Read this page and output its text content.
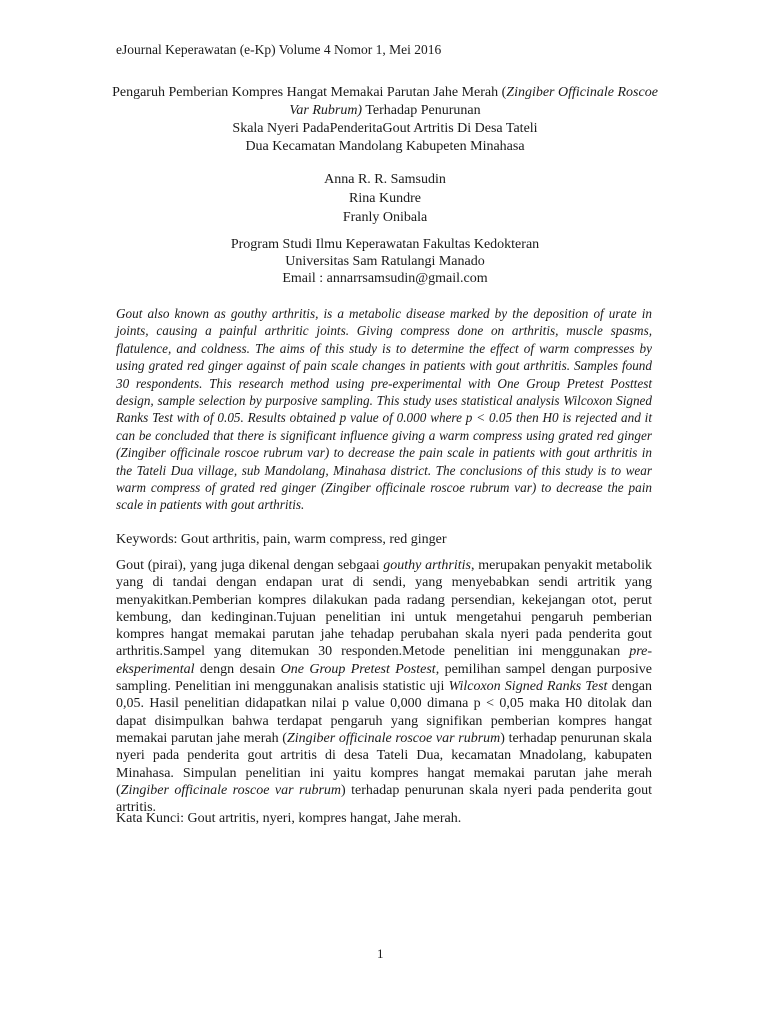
eJournal Keperawatan (e-Kp) Volume 4 Nomor 1, Mei 2016
Pengaruh Pemberian Kompres Hangat Memakai Parutan Jahe Merah (Zingiber Officinale Roscoe Var Rubrum) Terhadap Penurunan
Skala Nyeri PadaPenderitaGout Artritis Di Desa Tateli
Dua Kecamatan Mandolang Kabupeten Minahasa
Anna R. R. Samsudin
Rina Kundre
Franly Onibala
Program Studi Ilmu Keperawatan Fakultas Kedokteran
Universitas Sam Ratulangi Manado
Email : annarrsamsudin@gmail.com

Gout also known as gouthy arthritis, is a metabolic disease marked by the deposition of urate in joints, causing a painful arthritic joints. Giving compress done on arthritis, muscle spasms, flatulence, and coldness. The aims of this study is to determine the effect of warm compresses by using grated red ginger against of pain scale changes in patients with gout arthritis. Samples found 30 respondents. This research method using pre-experimental with One Group Pretest Posttest design, sample selection by purposive sampling. This study uses statistical analysis Wilcoxon Signed Ranks Test with of 0.05. Results obtained p value of 0.000 where p < 0.05 then H0 is rejected and it can be concluded that there is significant influence giving a warm compress using grated red ginger (Zingiber officinale roscoe rubrum var) to decrease the pain scale in patients with gout arthritis in the Tateli Dua village, sub Mandolang, Minahasa district. The conclusions of this study is to wear warm compress of grated red ginger (Zingiber officinale roscoe rubrum var) to decrease the pain scale in patients with gout arthritis.

Keywords: Gout arthritis, pain, warm compress, red ginger

Gout (pirai), yang juga dikenal dengan sebgaai gouthy arthritis, merupakan penyakit metabolik yang di tandai dengan endapan urat di sendi, yang menyebabkan sendi artritik yang menyakitkan.Pemberian kompres dilakukan pada radang persendian, kekejangan otot, perut kembung, dan kedinginan.Tujuan penelitian ini untuk mengetahui pengaruh pemberian kompres hangat memakai parutan jahe tehadap perubahan skala nyeri pada penderita gout arthritis.Sampel yang ditemukan 30 responden.Metode penelitian ini menggunakan pre-eksperimental dengn desain One Group Pretest Postest, pemilihan sampel dengan purposive sampling. Penelitian ini menggunakan analisis statistic uji Wilcoxon Signed Ranks Test dengan 0,05. Hasil penelitian didapatkan nilai p value 0,000 dimana p < 0,05 maka H0 ditolak dan dapat disimpulkan bahwa terdapat pengaruh yang signifikan pemberian kompres hangat memakai parutan jahe merah (Zingiber officinale roscoe var rubrum) terhadap penurunan skala nyeri pada penderita gout artritis di desa Tateli Dua, kecamatan Mnadolang, kabupaten Minahasa. Simpulan penelitian ini yaitu kompres hangat memakai parutan jahe merah (Zingiber officinale roscoe var rubrum) terhadap penurunan skala nyeri pada penderita gout artritis.

Kata Kunci: Gout artritis, nyeri, kompres hangat, Jahe merah.
1
